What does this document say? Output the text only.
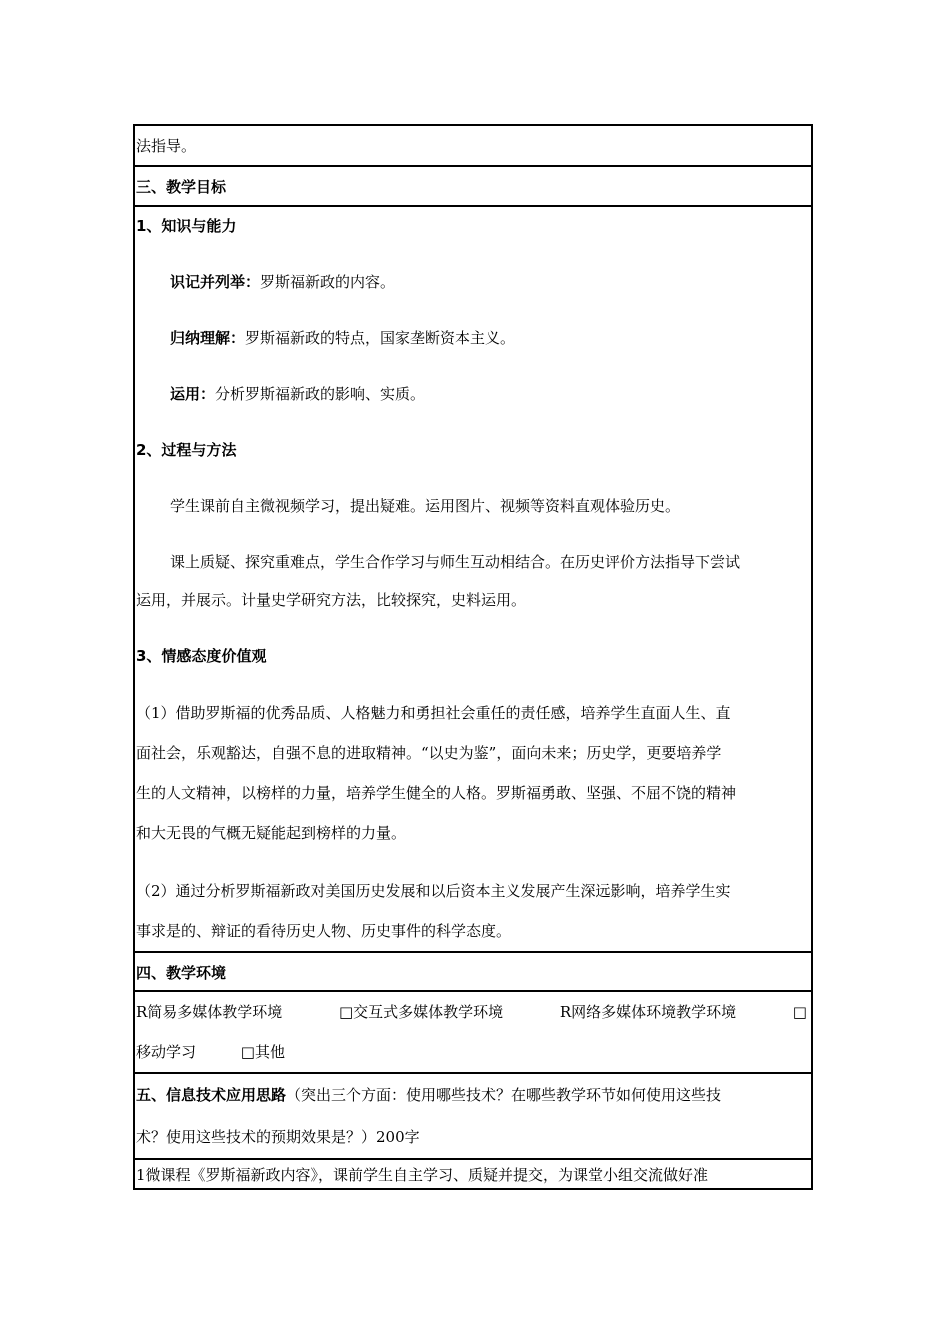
法指导。
三、教学目标

1、知识与能力

识记并列举：罗斯福新政的内容。

归纳理解：罗斯福新政的特点，国家垄断资本主义。

运用：分析罗斯福新政的影响、实质。

2、过程与方法

学生课前自主微视频学习，提出疑难。运用图片、视频等资料直观体验历史。

课上质疑、探究重难点，学生合作学习与师生互动相结合。在历史评价方法指导下尝试

运用，并展示。计量史学研究方法，比较探究，史料运用。

3、情感态度价值观

（1）借助罗斯福的优秀品质、人格魅力和勇担社会重任的责任感，培养学生直面人生、直

面社会，乐观豁达，自强不息的进取精神。“以史为鉴”，面向未来；历史学，更要培养学

生的人文精神，以榜样的力量，培养学生健全的人格。罗斯福勇敢、坚强、不屈不饶的精神

和大无畏的气概无疑能起到榜样的力量。

（2）通过分析罗斯福新政对美国历史发展和以后资本主义发展产生深远影响，培养学生实

事求是的、辩证的看待历史人物、历史事件的科学态度。

四、教学环境
R简易多媒体教学环境	□交互式多媒体教学环境	R网络多媒体环境教学环境	□
移动学习	□其他

五、信息技术应用思路（突出三个方面：使用哪些技术？在哪些教学环节如何使用这些技

术？使用这些技术的预期效果是？）200字

1微课程《罗斯福新政内容》，课前学生自主学习、质疑并提交，为课堂小组交流做好准
